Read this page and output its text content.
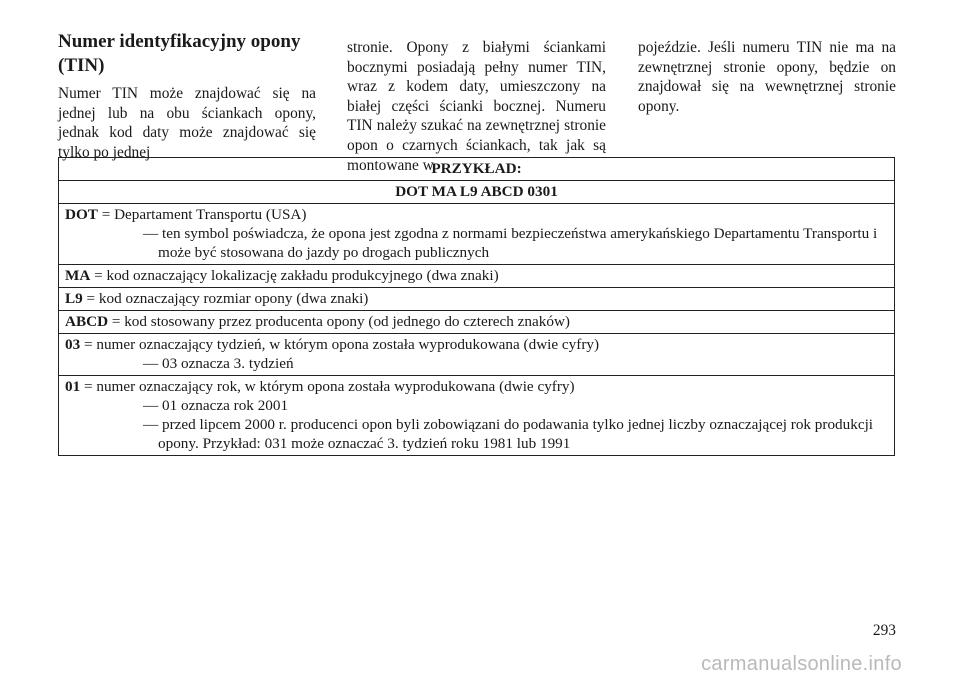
Numer identyfikacyjny opony
(TIN)

Numer TIN może znajdować się na jednej lub na obu ściankach opony, jednak kod daty może znajdować się tylko po jednej

stronie. Opony z białymi ściankami bocznymi posiadają pełny numer TIN, wraz z kodem daty, umieszczony na białej części ścianki bocznej. Numeru TIN należy szukać na zewnętrznej stronie opon o czarnych ściankach, tak jak są montowane w

pojeździe. Jeśli numeru TIN nie ma na zewnętrznej stronie opony, będzie on znajdował się na wewnętrznej stronie opony.

PRZYKŁAD:
DOT MA L9 ABCD 0301

DOT = Departament Transportu (USA)
— ten symbol poświadcza, że opona jest zgodna z normami bezpieczeństwa amerykańskiego Departamentu Transportu i może być stosowana do jazdy po drogach publicznych

MA = kod oznaczający lokalizację zakładu produkcyjnego (dwa znaki)

L9 = kod oznaczający rozmiar opony (dwa znaki)

ABCD = kod stosowany przez producenta opony (od jednego do czterech znaków)

03 = numer oznaczający tydzień, w którym opona została wyprodukowana (dwie cyfry)
— 03 oznacza 3. tydzień

01 = numer oznaczający rok, w którym opona została wyprodukowana (dwie cyfry)
— 01 oznacza rok 2001
— przed lipcem 2000 r. producenci opon byli zobowiązani do podawania tylko jednej liczby oznaczającej rok produkcji opony. Przykład: 031 może oznaczać 3. tydzień roku 1981 lub 1991
293
carmanualsonline.info
